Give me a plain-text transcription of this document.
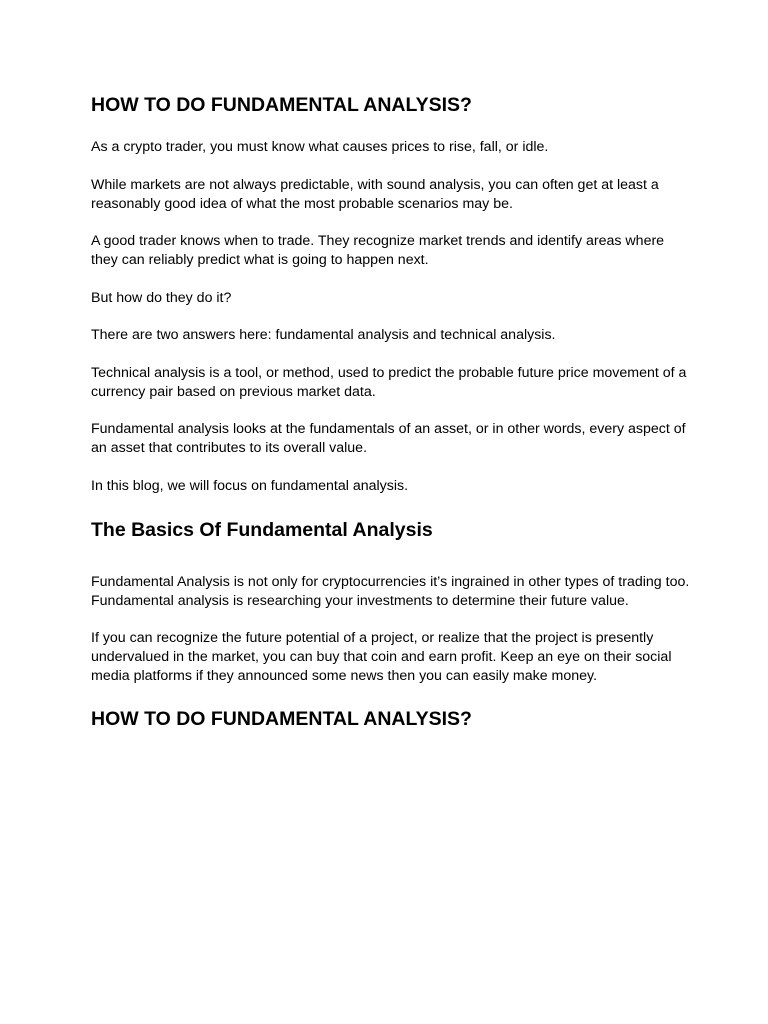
HOW TO DO FUNDAMENTAL ANALYSIS?

As a crypto trader, you must know what causes prices to rise, fall, or idle.

While markets are not always predictable, with sound analysis, you can often get at least a reasonably good idea of what the most probable scenarios may be.

A good trader knows when to trade. They recognize market trends and identify areas where they can reliably predict what is going to happen next.

But how do they do it?

There are two answers here: fundamental analysis and technical analysis.

Technical analysis is a tool, or method, used to predict the probable future price movement of a currency pair based on previous market data.

Fundamental analysis looks at the fundamentals of an asset, or in other words, every aspect of an asset that contributes to its overall value.

In this blog, we will focus on fundamental analysis.

The Basics Of Fundamental Analysis

Fundamental Analysis is not only for cryptocurrencies it’s ingrained in other types of trading too. Fundamental analysis is researching your investments to determine their future value.

If you can recognize the future potential of a project, or realize that the project is presently undervalued in the market, you can buy that coin and earn profit. Keep an eye on their social media platforms if they announced some news then you can easily make money.

HOW TO DO FUNDAMENTAL ANALYSIS?
